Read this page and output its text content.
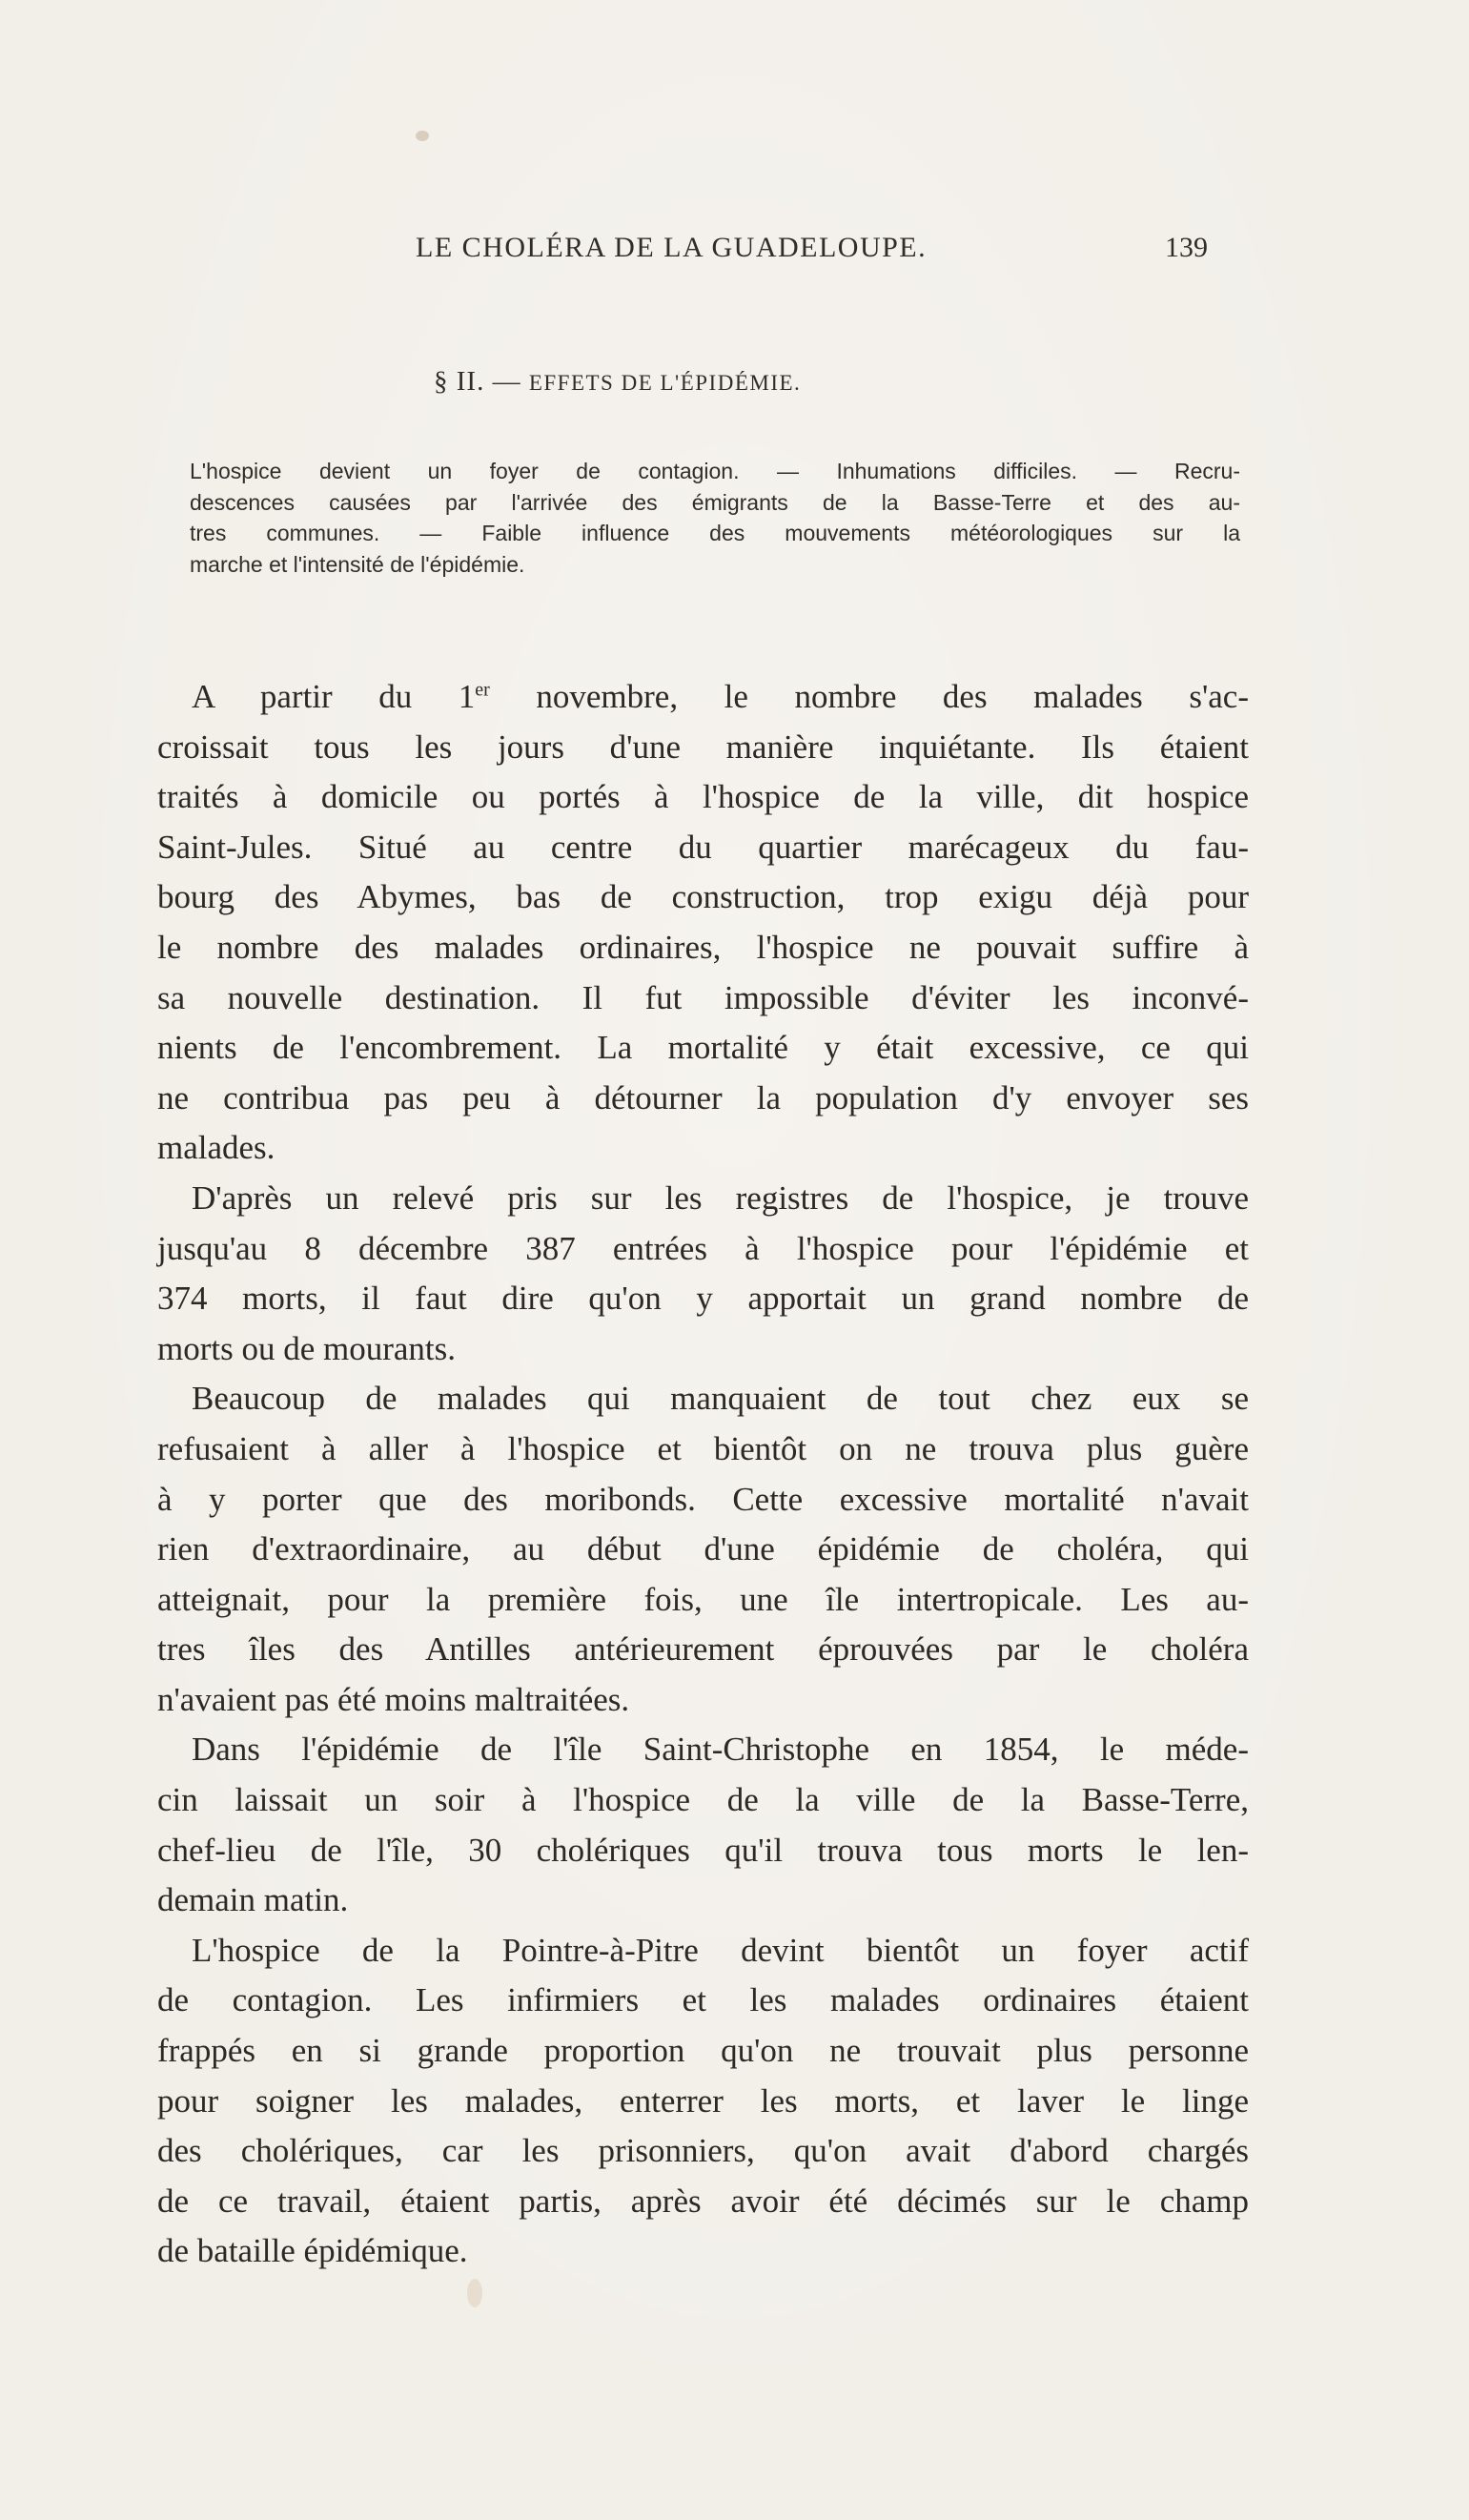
LE CHOLÉRA DE LA GUADELOUPE.	139
§ II. — EFFETS DE L'ÉPIDÉMIE.
L'hospice devient un foyer de contagion. — Inhumations difficiles. — Recru-
descences causées par l'arrivée des émigrants de la Basse-Terre et des au-
tres communes. — Faible influence des mouvements météorologiques sur la
marche et l'intensité de l'épidémie.
A partir du 1er novembre, le nombre des malades s'ac-
croissait tous les jours d'une manière inquiétante. Ils étaient
traités à domicile ou portés à l'hospice de la ville, dit hospice
Saint-Jules. Situé au centre du quartier marécageux du fau-
bourg des Abymes, bas de construction, trop exigu déjà pour
le nombre des malades ordinaires, l'hospice ne pouvait suffire à
sa nouvelle destination. Il fut impossible d'éviter les inconvé-
nients de l'encombrement. La mortalité y était excessive, ce qui
ne contribua pas peu à détourner la population d'y envoyer ses
malades.
D'après un relevé pris sur les registres de l'hospice, je trouve
jusqu'au 8 décembre 387 entrées à l'hospice pour l'épidémie et
374 morts, il faut dire qu'on y apportait un grand nombre de
morts ou de mourants.
Beaucoup de malades qui manquaient de tout chez eux se
refusaient à aller à l'hospice et bientôt on ne trouva plus guère
à y porter que des moribonds. Cette excessive mortalité n'avait
rien d'extraordinaire, au début d'une épidémie de choléra, qui
atteignait, pour la première fois, une île intertropicale. Les au-
tres îles des Antilles antérieurement éprouvées par le choléra
n'avaient pas été moins maltraitées.
Dans l'épidémie de l'île Saint-Christophe en 1854, le méde-
cin laissait un soir à l'hospice de la ville de la Basse-Terre,
chef-lieu de l'île, 30 cholériques qu'il trouva tous morts le len-
demain matin.
L'hospice de la Pointre-à-Pitre devint bientôt un foyer actif
de contagion. Les infirmiers et les malades ordinaires étaient
frappés en si grande proportion qu'on ne trouvait plus personne
pour soigner les malades, enterrer les morts, et laver le linge
des cholériques, car les prisonniers, qu'on avait d'abord chargés
de ce travail, étaient partis, après avoir été décimés sur le champ
de bataille épidémique.
